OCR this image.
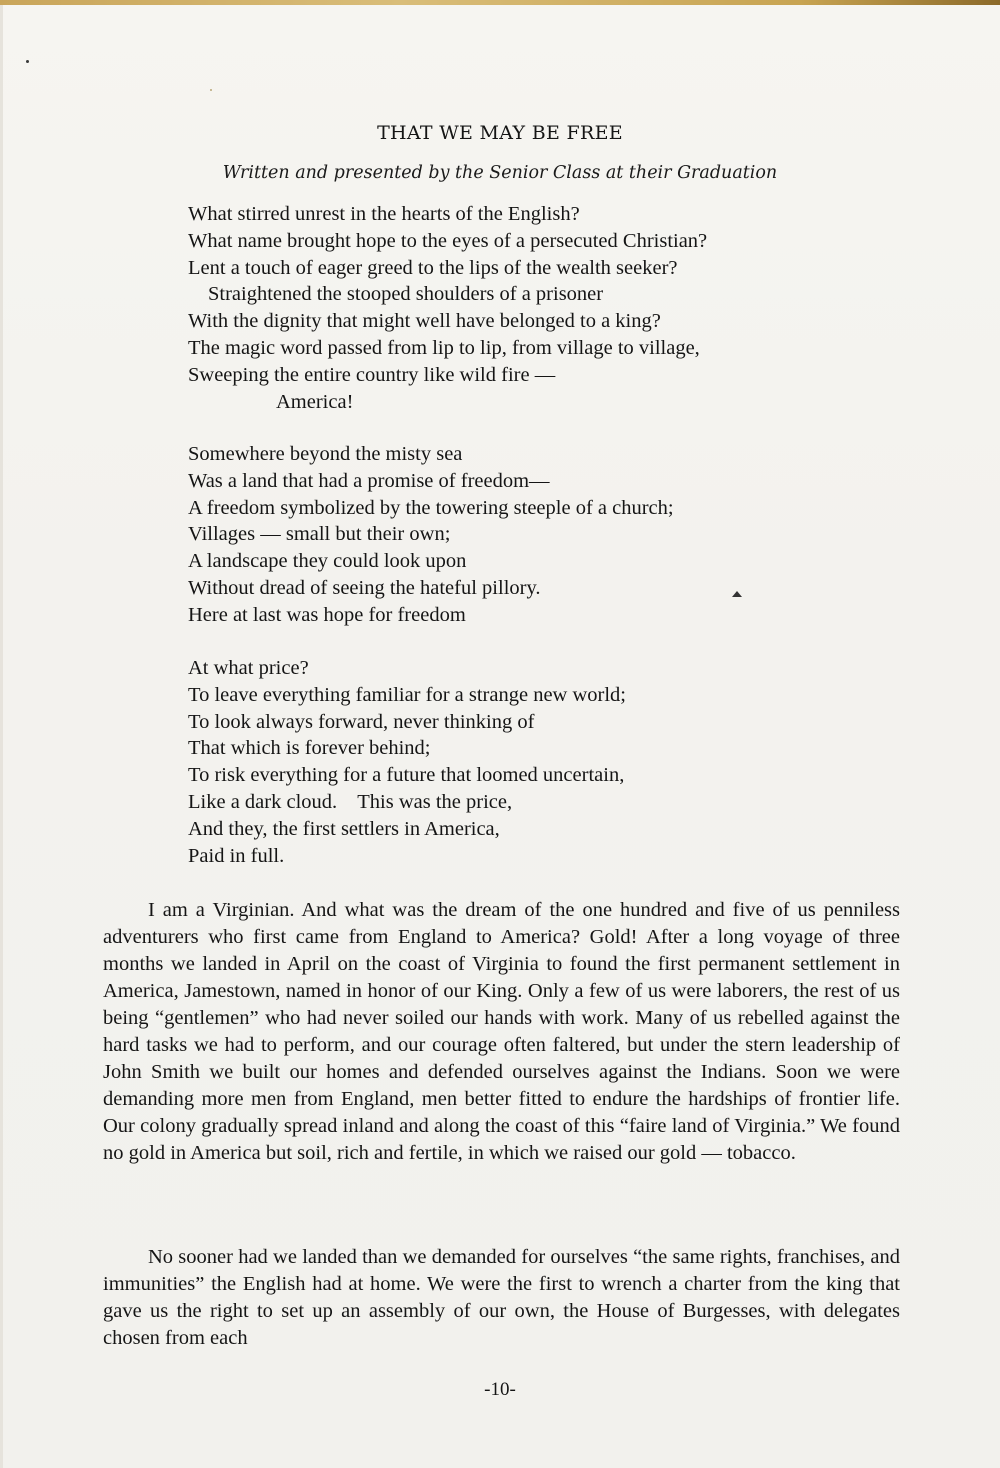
THAT WE MAY BE FREE
Written and presented by the Senior Class at their Graduation
What stirred unrest in the hearts of the English?
What name brought hope to the eyes of a persecuted Christian?
Lent a touch of eager greed to the lips of the wealth seeker?
Straightened the stooped shoulders of a prisoner
With the dignity that might well have belonged to a king?
The magic word passed from lip to lip, from village to village,
Sweeping the entire country like wild fire —
America!
Somewhere beyond the misty sea
Was a land that had a promise of freedom—
A freedom symbolized by the towering steeple of a church;
Villages — small but their own;
A landscape they could look upon
Without dread of seeing the hateful pillory.
Here at last was hope for freedom
At what price?
To leave everything familiar for a strange new world;
To look always forward, never thinking of
That which is forever behind;
To risk everything for a future that loomed uncertain,
Like a dark cloud.    This was the price,
And they, the first settlers in America,
Paid in full.

I am a Virginian. And what was the dream of the one hundred and five of us penniless adventurers who first came from England to America? Gold! After a long voyage of three months we landed in April on the coast of Virginia to found the first permanent settlement in America, Jamestown, named in honor of our King. Only a few of us were laborers, the rest of us being “gentlemen” who had never soiled our hands with work. Many of us rebelled against the hard tasks we had to perform, and our courage often faltered, but under the stern leadership of John Smith we built our homes and defended ourselves against the Indians. Soon we were demanding more men from England, men better fitted to endure the hardships of frontier life. Our colony gradually spread inland and along the coast of this “faire land of Virginia.” We found no gold in America but soil, rich and fertile, in which we raised our gold — tobacco.

No sooner had we landed than we demanded for ourselves “the same rights, franchises, and immunities” the English had at home. We were the first to wrench a charter from the king that gave us the right to set up an assembly of our own, the House of Burgesses, with delegates chosen from each

-10-
